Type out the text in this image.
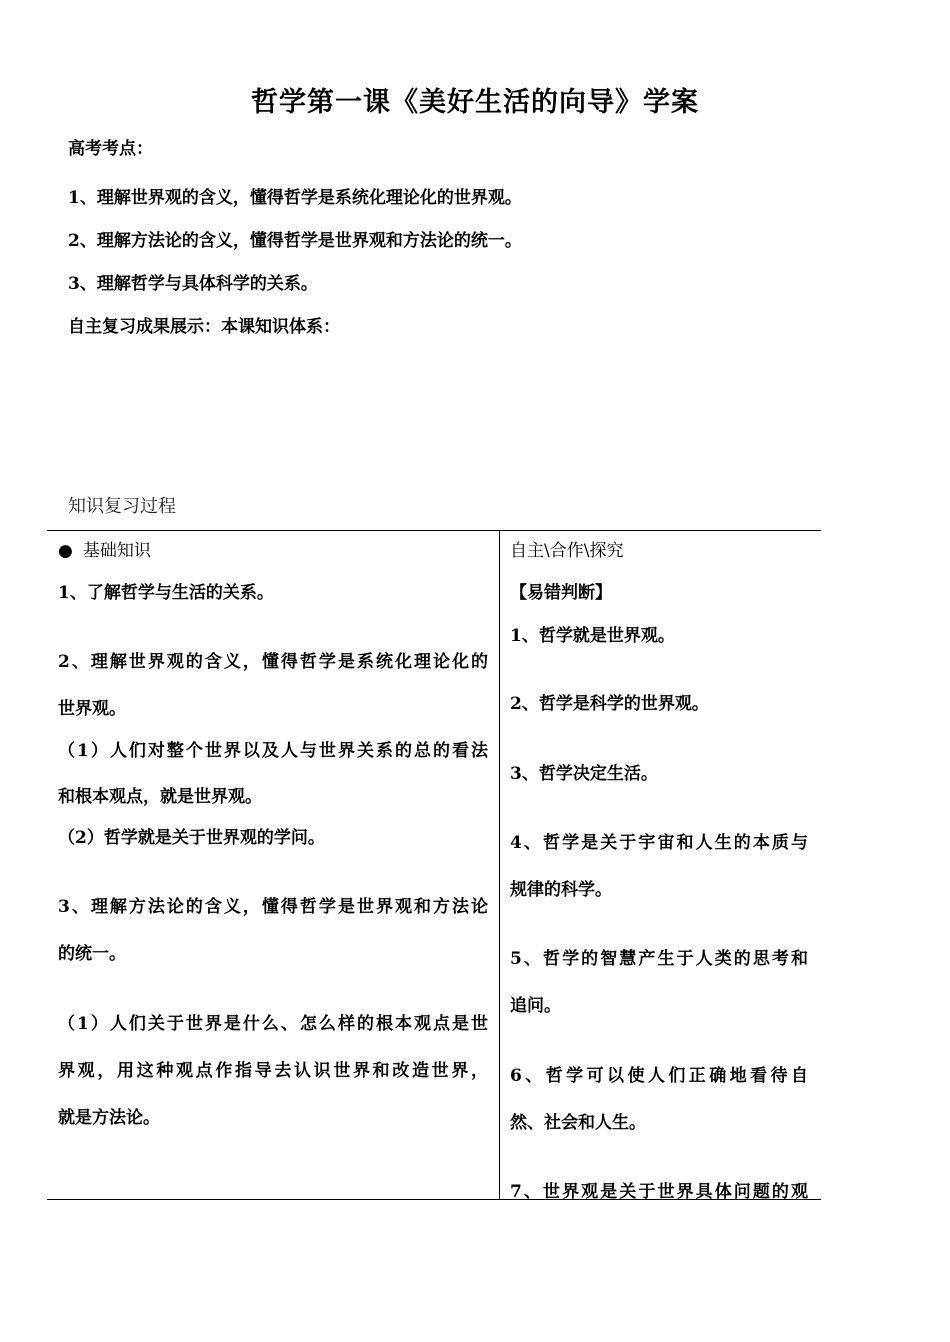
哲学第一课《美好生活的向导》学案
高考考点：
1、理解世界观的含义，懂得哲学是系统化理论化的世界观。
2、理解方法论的含义，懂得哲学是世界观和方法论的统一。
3、理解哲学与具体科学的关系。
自主复习成果展示：本课知识体系：
知识复习过程
● 基础知识
1、了解哲学与生活的关系。
2、理解世界观的含义，懂得哲学是系统化理论化的
世界观。
（1）人们对整个世界以及人与世界关系的总的看法
和根本观点，就是世界观。
（2）哲学就是关于世界观的学问。
3、理解方法论的含义，懂得哲学是世界观和方法论
的统一。
（1）人们关于世界是什么、怎么样的根本观点是世
界观，用这种观点作指导去认识世界和改造世界，
就是方法论。
自主\合作\探究
【易错判断】
1、哲学就是世界观。
2、哲学是科学的世界观。
3、哲学决定生活。
4、哲学是关于宇宙和人生的本质与
规律的科学。
5、哲学的智慧产生于人类的思考和
追问。
6、哲学可以使人们正确地看待自
然、社会和人生。
7、世界观是关于世界具体问题的观
